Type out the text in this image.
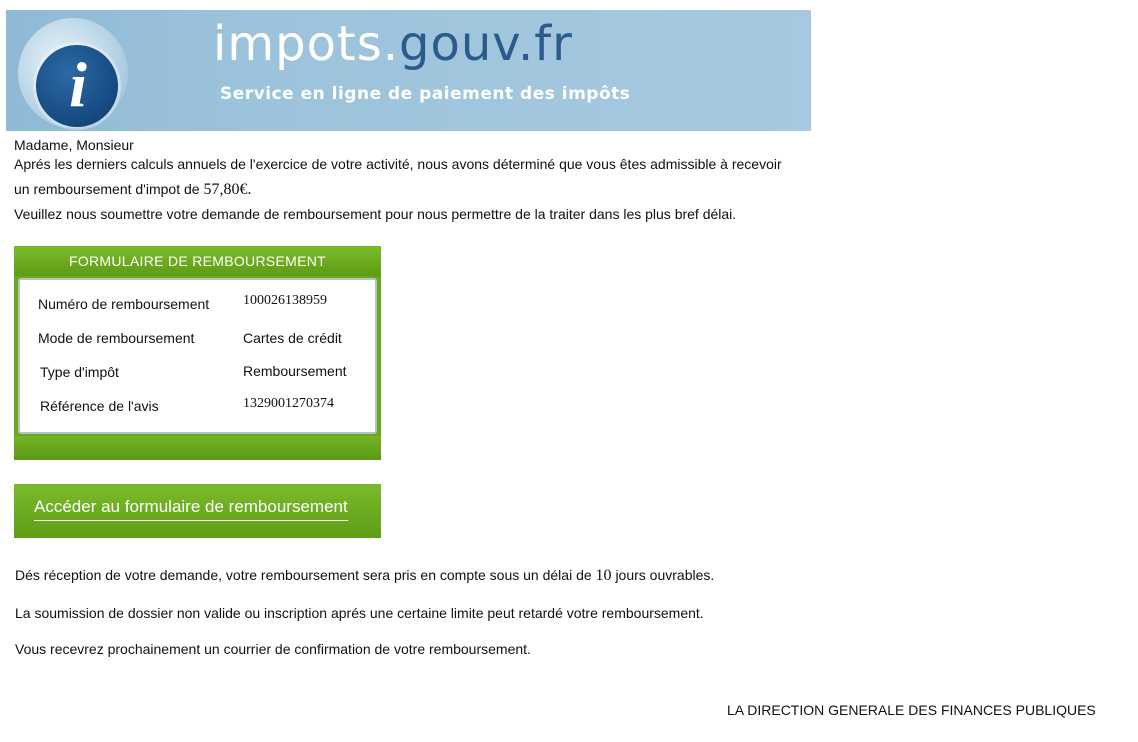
i
impots.gouv.fr
Service en ligne de paiement des impôts
Madame, Monsieur
Aprés les derniers calculs annuels de l'exercice de votre activité, nous avons déterminé que vous êtes admissible à recevoir
un remboursement d'impot de 57,80€.
Veuillez nous soumettre votre demande de remboursement pour nous permettre de la traiter dans les plus bref délai.
FORMULAIRE DE REMBOURSEMENT
Numéro de remboursement 100026138959
Mode de remboursement	Cartes de crédit
Type d'impôt	Remboursement
Référence de l'avis	1329001270374
Accéder au formulaire de remboursement
Dés réception de votre demande, votre remboursement sera pris en compte sous un délai de 10 jours ouvrables.
La soumission de dossier non valide ou inscription aprés une certaine limite peut retardé votre remboursement.
Vous recevrez prochainement un courrier de confirmation de votre remboursement.
LA DIRECTION GENERALE DES FINANCES PUBLIQUES
